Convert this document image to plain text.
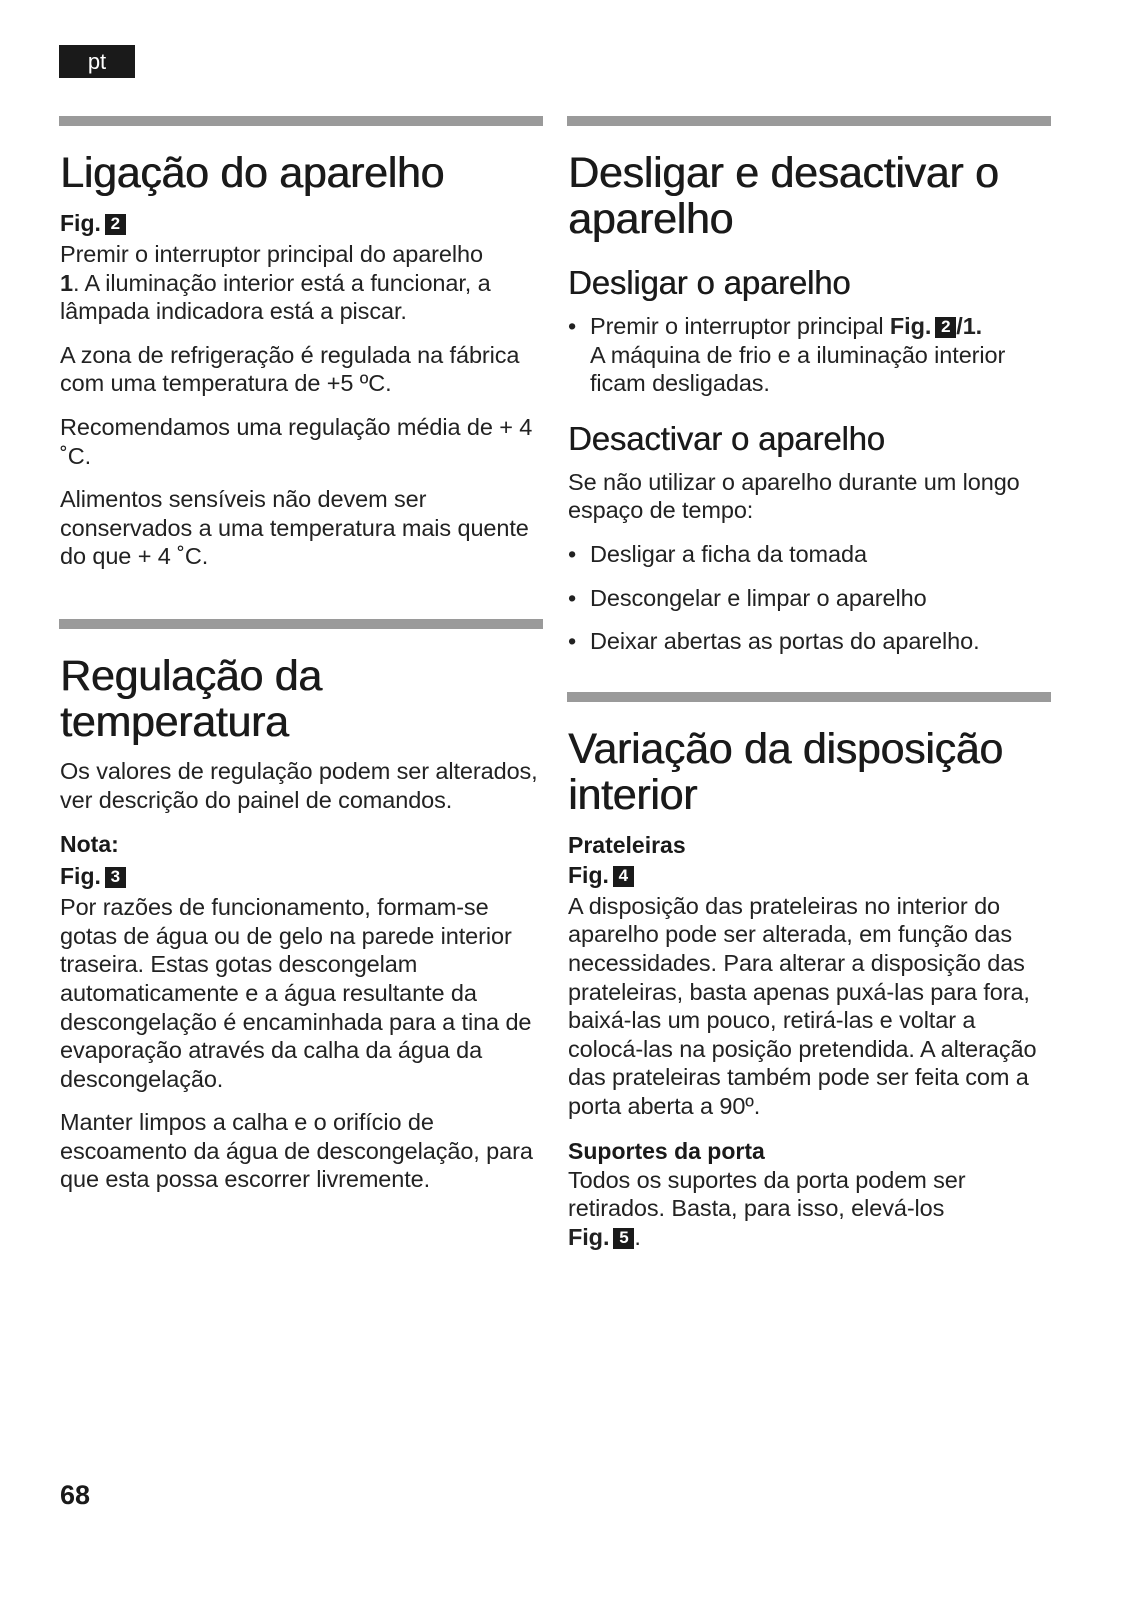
pt
Ligação do aparelho
Fig. 2

Premir o interruptor principal do aparelho
1. A iluminação interior está a funcionar, a lâmpada indicadora está a piscar.

A zona de refrigeração é regulada na fábrica com uma temperatura de +5 ºC.

Recomendamos uma regulação média de + 4 ˚C.

Alimentos sensíveis não devem ser conservados a uma temperatura mais quente do que + 4 ˚C.

Regulação da temperatura

Os valores de regulação podem ser alterados, ver descrição do painel de comandos.

Nota:
Fig. 3

Por razões de funcionamento, formam-se gotas de água ou de gelo na parede interior traseira. Estas gotas descongelam automaticamente e a água resultante da descongelação é encaminhada para a tina de evaporação através da calha da água da descongelação.

Manter limpos a calha e o orifício de escoamento da água de descongelação, para que esta possa escorrer livremente.

Desligar e desactivar o aparelho
Desligar o aparelho
• Premir o interruptor principal Fig. 2 /1.
A máquina de frio e a iluminação interior ficam desligadas.
Desactivar o aparelho

Se não utilizar o aparelho durante um longo espaço de tempo:

• Desligar a ficha da tomada
• Descongelar e limpar o aparelho
• Deixar abertas as portas do aparelho.
Variação da disposição interior
Prateleiras
Fig. 4

A disposição das prateleiras no interior do aparelho pode ser alterada, em função das necessidades. Para alterar a disposição das prateleiras, basta apenas puxá-las para fora, baixá-las um pouco, retirá-las e voltar a colocá-las na posição pretendida. A alteração das prateleiras também pode ser feita com a porta aberta a 90º.

Suportes da porta

Todos os suportes da porta podem ser retirados. Basta, para isso, elevá-los
Fig. 5 .

68
